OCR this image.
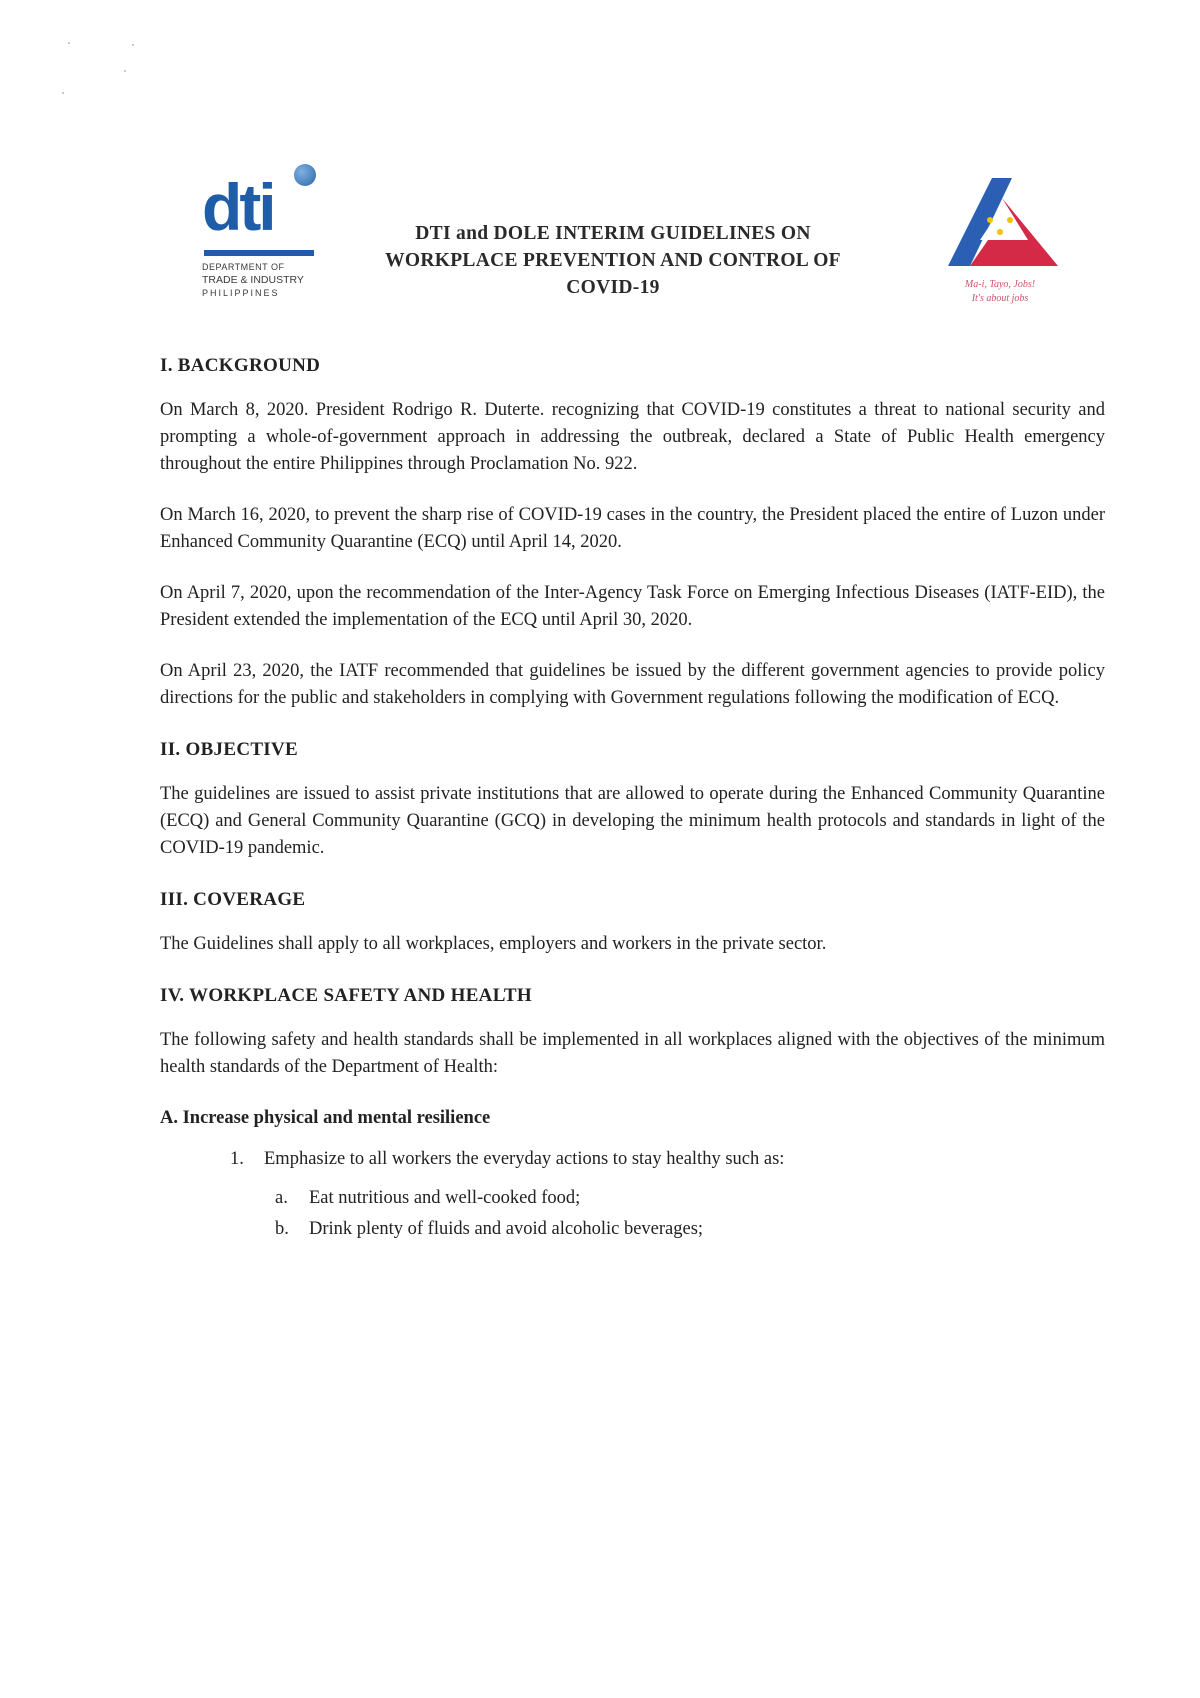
dti
DEPARTMENT OF
TRADE & INDUSTRY
PHILIPPINES
DTI and DOLE INTERIM GUIDELINES ON
WORKPLACE PREVENTION AND CONTROL OF
COVID-19	Ma-i, Tayo, Jobs!
It's about jobs
I. BACKGROUND

On March 8, 2020. President Rodrigo R. Duterte. recognizing that COVID-19 constitutes a threat to national security and prompting a whole-of-government approach in addressing the outbreak, declared a State of Public Health emergency throughout the entire Philippines through Proclamation No. 922.

On March 16, 2020, to prevent the sharp rise of COVID-19 cases in the country, the President placed the entire of Luzon under Enhanced Community Quarantine (ECQ) until April 14, 2020.

On April 7, 2020, upon the recommendation of the Inter-Agency Task Force on Emerging Infectious Diseases (IATF-EID), the President extended the implementation of the ECQ until April 30, 2020.

On April 23, 2020, the IATF recommended that guidelines be issued by the different government agencies to provide policy directions for the public and stakeholders in complying with Government regulations following the modification of ECQ.

II. OBJECTIVE

The guidelines are issued to assist private institutions that are allowed to operate during the Enhanced Community Quarantine (ECQ) and General Community Quarantine (GCQ) in developing the minimum health protocols and standards in light of the COVID-19 pandemic.

III. COVERAGE

The Guidelines shall apply to all workplaces, employers and workers in the private sector.

IV. WORKPLACE SAFETY AND HEALTH

The following safety and health standards shall be implemented in all workplaces aligned with the objectives of the minimum health standards of the Department of Health:

A. Increase physical and mental resilience
1.	Emphasize to all workers the everyday actions to stay healthy such as:
a.	Eat nutritious and well-cooked food;
b.	Drink plenty of fluids and avoid alcoholic beverages;
